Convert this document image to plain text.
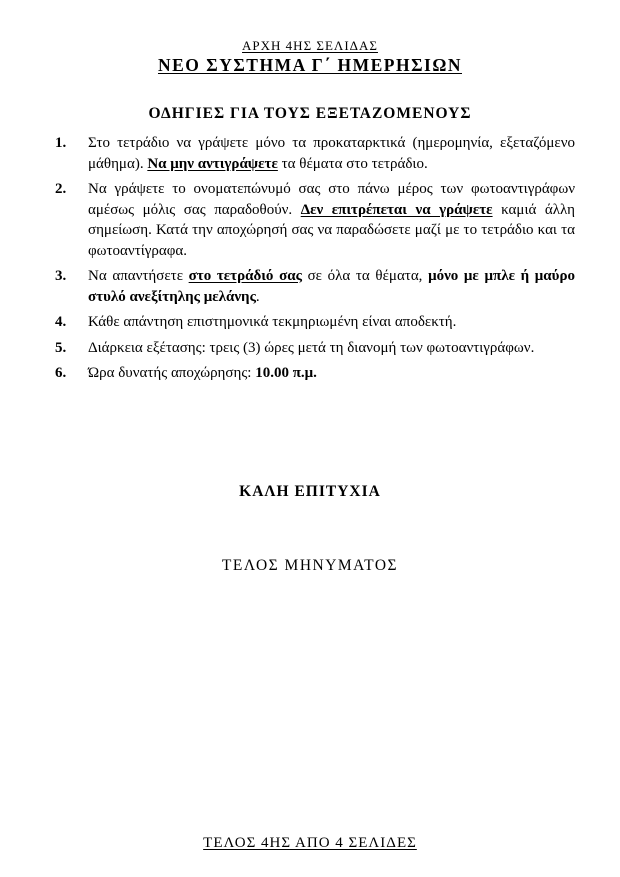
ΑΡΧΗ 4ΗΣ ΣΕΛΙΔΑΣ
ΝΕΟ ΣΥΣΤΗΜΑ Γ΄ ΗΜΕΡΗΣΙΩΝ
ΟΔΗΓΙΕΣ ΓΙΑ ΤΟΥΣ ΕΞΕΤΑΖΟΜΕΝΟΥΣ
1. Στο τετράδιο να γράψετε μόνο τα προκαταρκτικά (ημερομηνία, εξεταζόμενο μάθημα). Να μην αντιγράψετε τα θέματα στο τετράδιο.
2. Να γράψετε το ονοματεπώνυμό σας στο πάνω μέρος των φωτοαντιγράφων αμέσως μόλις σας παραδοθούν. Δεν επιτρέπεται να γράψετε καμιά άλλη σημείωση. Κατά την αποχώρησή σας να παραδώσετε μαζί με το τετράδιο και τα φωτοαντίγραφα.
3. Να απαντήσετε στο τετράδιό σας σε όλα τα θέματα, μόνο με μπλε ή μαύρο στυλό ανεξίτηλης μελάνης.
4. Κάθε απάντηση επιστημονικά τεκμηριωμένη είναι αποδεκτή.
5. Διάρκεια εξέτασης: τρεις (3) ώρες μετά τη διανομή των φωτοαντιγράφων.
6. Ώρα δυνατής αποχώρησης: 10.00 π.μ.
ΚΑΛΗ ΕΠΙΤΥΧΙΑ
ΤΕΛΟΣ ΜΗΝΥΜΑΤΟΣ
ΤΕΛΟΣ 4ΗΣ ΑΠΟ 4 ΣΕΛΙΔΕΣ
